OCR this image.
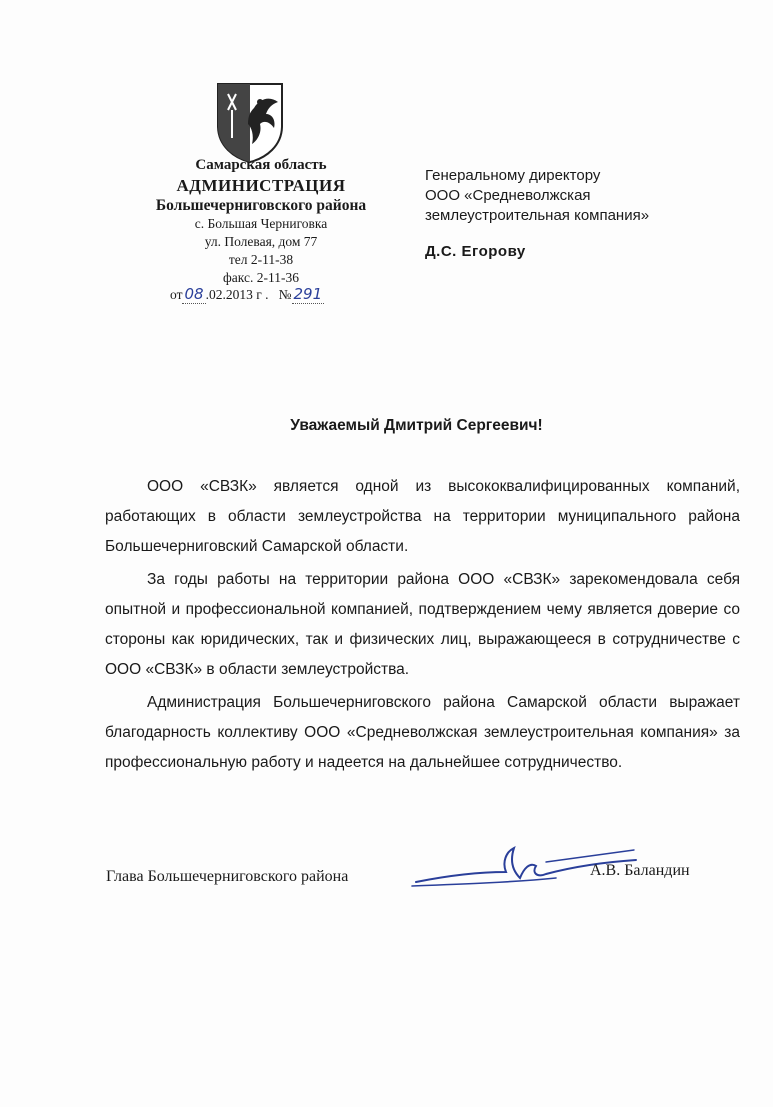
Самарская область
АДМИНИСТРАЦИЯ
Большечерниговского района
с. Большая Черниговка
ул. Полевая, дом 77
тел 2-11-38
факс. 2-11-36
от 08 .02.2013 г . № 291
Генеральному директору
ООО «Средневолжская
землеустроительная компания»
Д.С. Егорову
Уважаемый Дмитрий Сергеевич!

ООО «СВЗК» является одной из высококвалифицированных компаний, работающих в области землеустройства на территории муниципального района Большечерниговский Самарской области.

За годы работы на территории района ООО «СВЗК» зарекомендовала себя опытной и профессиональной компанией, подтверждением чему является доверие со стороны как юридических, так и физических лиц, выражающееся в сотрудничестве с ООО «СВЗК» в области землеустройства.

Администрация Большечерниговского района Самарской области выражает благодарность коллективу ООО «Средневолжская землеустроительная компания» за профессиональную работу и надеется на дальнейшее сотрудничество.

Глава Большечерниговского района	А.В. Баландин
